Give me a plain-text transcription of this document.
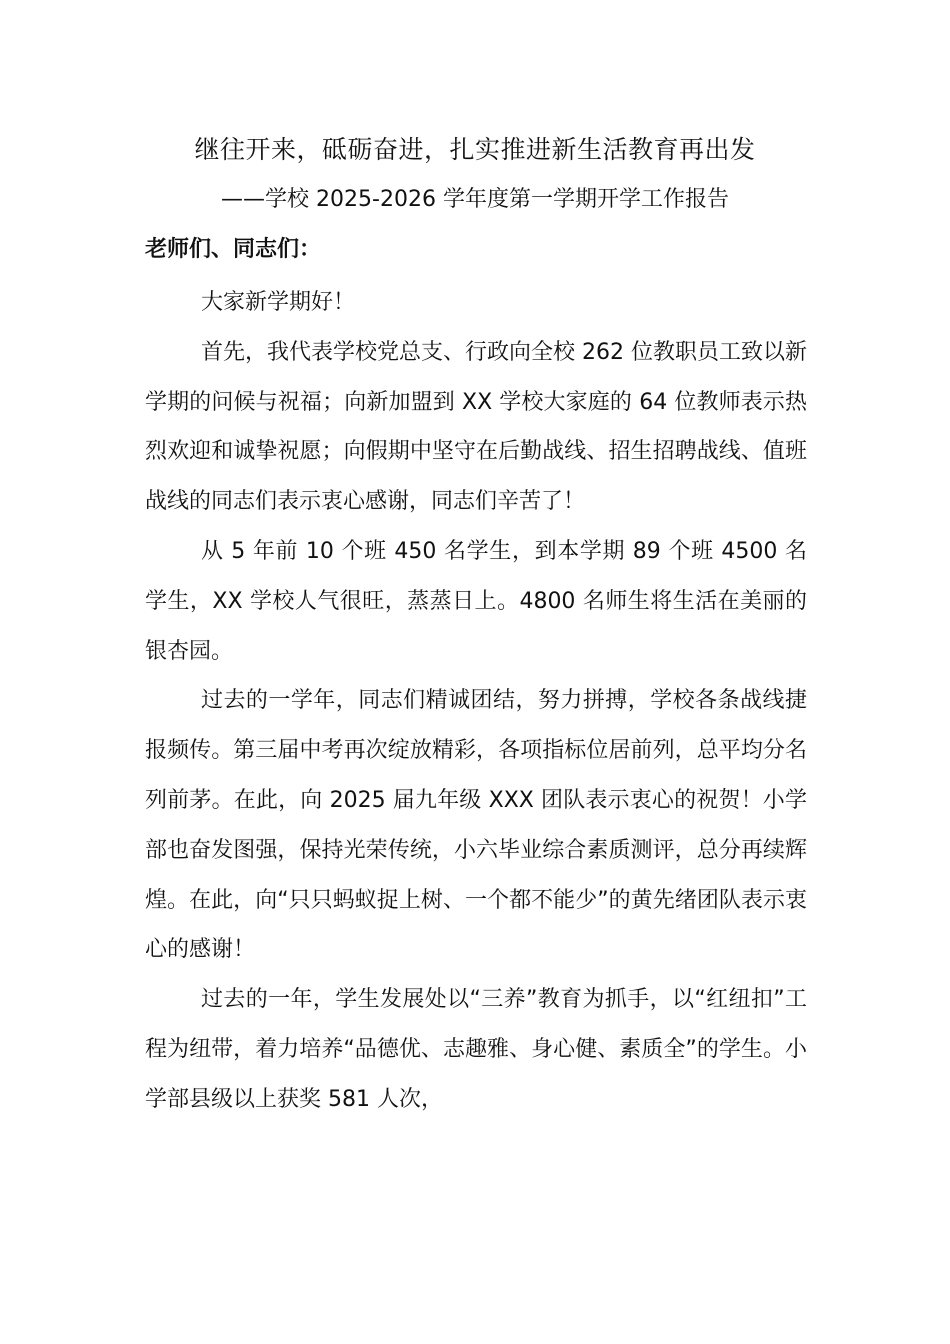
继往开来，砥砺奋进，扎实推进新生活教育再出发
——学校 2025-2026 学年度第一学期开学工作报告
老师们、同志们：

大家新学期好！

首先，我代表学校党总支、行政向全校 262 位教职员工致以新学期的问候与祝福；向新加盟到 XX 学校大家庭的 64 位教师表示热烈欢迎和诚挚祝愿；向假期中坚守在后勤战线、招生招聘战线、值班战线的同志们表示衷心感谢，同志们辛苦了！

从 5 年前 10 个班 450 名学生，到本学期 89 个班 4500 名学生，XX 学校人气很旺，蒸蒸日上。4800 名师生将生活在美丽的银杏园。

过去的一学年，同志们精诚团结，努力拼搏，学校各条战线捷报频传。第三届中考再次绽放精彩，各项指标位居前列，总平均分名列前茅。在此，向 2025 届九年级 XXX 团队表示衷心的祝贺！小学部也奋发图强，保持光荣传统，小六毕业综合素质测评，总分再续辉煌。在此，向“只只蚂蚁捉上树、一个都不能少”的黄先绪团队表示衷心的感谢！

过去的一年，学生发展处以“三养”教育为抓手，以“红纽扣”工程为纽带，着力培养“品德优、志趣雅、身心健、素质全”的学生。小学部县级以上获奖 581 人次，
